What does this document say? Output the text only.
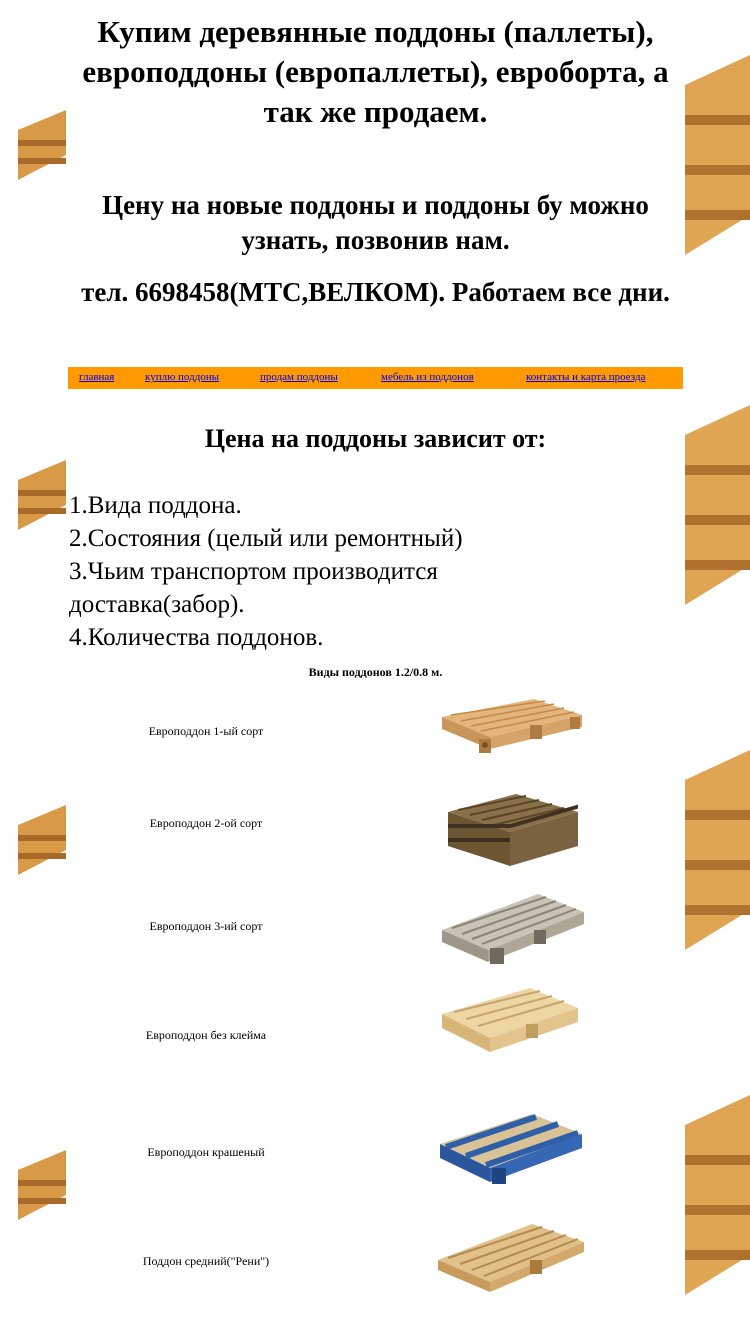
Купим деревянные поддоны (паллеты), европоддоны (европаллеты), евроборта, а так же продаем.
Цену на новые поддоны и поддоны бу можно узнать, позвонив нам.
тел. 6698458(МТС,ВЕЛКОМ). Работаем все дни.
главная	куплю поддоны	продам поддоны	мебель из поддонов	контакты и карта проезда
Цена на поддоны зависит от:
1.Вида поддона.
2.Состояния (целый или ремонтный)
3.Чьим транспортом производится доставка(забор).
4.Количества поддонов.
Виды поддонов 1.2/0.8 м.
Европоддон 1-ый сорт
Европоддон 2-ой сорт
Европоддон 3-ий сорт
Европоддон без клейма
Европоддон крашеный
Поддон средний("Рени")
